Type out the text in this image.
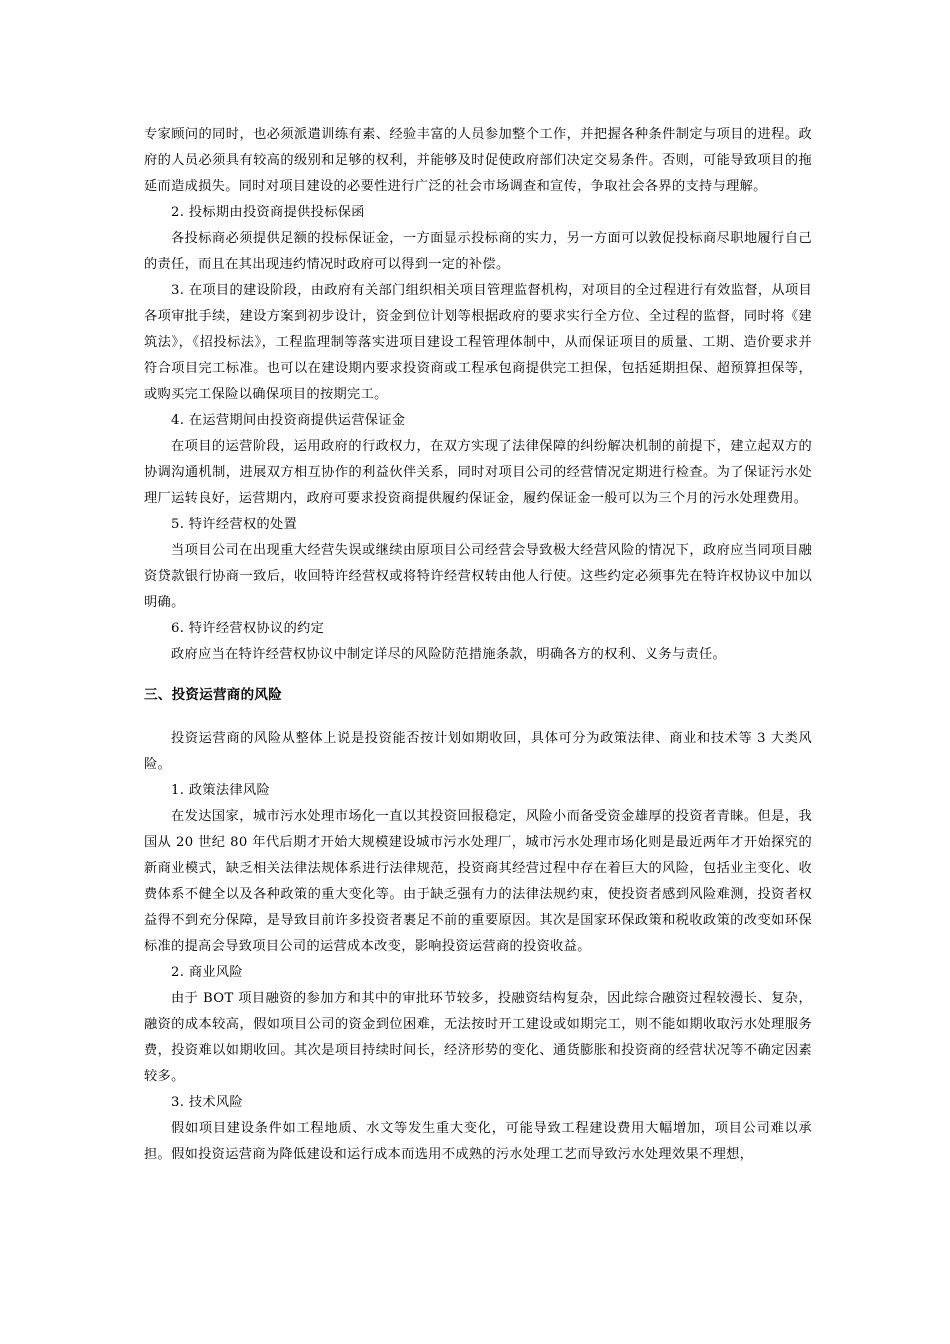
专家顾问的同时，也必须派遣训练有素、经验丰富的人员参加整个工作，并把握各种条件制定与项目的进程。政府的人员必须具有较高的级别和足够的权利，并能够及时促使政府部们决定交易条件。否则，可能导致项目的拖延而造成损失。同时对项目建设的必要性进行广泛的社会市场调查和宣传，争取社会各界的支持与理解。

2. 投标期由投资商提供投标保函

各投标商必须提供足额的投标保证金，一方面显示投标商的实力，另一方面可以敦促投标商尽职地履行自己的责任，而且在其出现违约情况时政府可以得到一定的补偿。

3. 在项目的建设阶段，由政府有关部门组织相关项目管理监督机构，对项目的全过程进行有效监督，从项目各项审批手续，建设方案到初步设计，资金到位计划等根据政府的要求实行全方位、全过程的监督，同时将《建筑法》，《招投标法》，工程监理制等落实进项目建设工程管理体制中，从而保证项目的质量、工期、造价要求并符合项目完工标准。也可以在建设期内要求投资商或工程承包商提供完工担保，包括延期担保、超预算担保等，或购买完工保险以确保项目的按期完工。

4. 在运营期间由投资商提供运营保证金

在项目的运营阶段，运用政府的行政权力，在双方实现了法律保障的纠纷解决机制的前提下，建立起双方的协调沟通机制，进展双方相互协作的利益伙伴关系，同时对项目公司的经营情况定期进行检查。为了保证污水处理厂运转良好，运营期内，政府可要求投资商提供履约保证金，履约保证金一般可以为三个月的污水处理费用。

5. 特许经营权的处置

当项目公司在出现重大经营失误或继续由原项目公司经营会导致极大经营风险的情况下，政府应当同项目融资贷款银行协商一致后，收回特许经营权或将特许经营权转由他人行使。这些约定必须事先在特许权协议中加以明确。

6. 特许经营权协议的约定

政府应当在特许经营权协议中制定详尽的风险防范措施条款，明确各方的权利、义务与责任。

三、投资运营商的风险

投资运营商的风险从整体上说是投资能否按计划如期收回，具体可分为政策法律、商业和技术等 3 大类风险。

1. 政策法律风险

在发达国家，城市污水处理市场化一直以其投资回报稳定，风险小而备受资金雄厚的投资者青睐。但是，我国从 20 世纪 80 年代后期才开始大规模建设城市污水处理厂，城市污水处理市场化则是最近两年才开始探究的新商业模式，缺乏相关法律法规体系进行法律规范，投资商其经营过程中存在着巨大的风险，包括业主变化、收费体系不健全以及各种政策的重大变化等。由于缺乏强有力的法律法规约束，使投资者感到风险难测，投资者权益得不到充分保障，是导致目前许多投资者裹足不前的重要原因。其次是国家环保政策和税收政策的改变如环保标准的提高会导致项目公司的运营成本改变，影响投资运营商的投资收益。

2. 商业风险

由于 BOT 项目融资的参加方和其中的审批环节较多，投融资结构复杂，因此综合融资过程较漫长、复杂，融资的成本较高，假如项目公司的资金到位困难，无法按时开工建设或如期完工，则不能如期收取污水处理服务费，投资难以如期收回。其次是项目持续时间长，经济形势的变化、通货膨胀和投资商的经营状况等不确定因素较多。

3. 技术风险

假如项目建设条件如工程地质、水文等发生重大变化，可能导致工程建设费用大幅增加，项目公司难以承担。假如投资运营商为降低建设和运行成本而选用不成熟的污水处理工艺而导致污水处理效果不理想，
